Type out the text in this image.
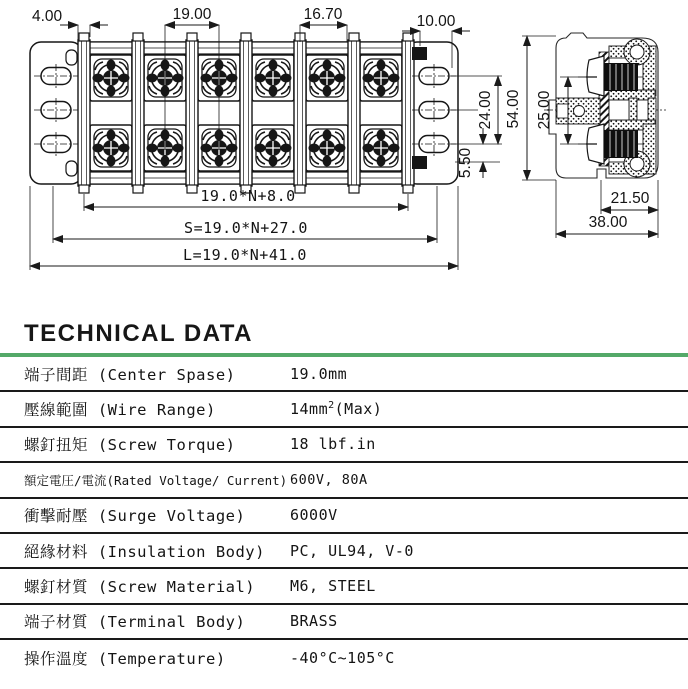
4.00	19.00	16.70	10.00
24.00
5.50
54.00 25.00
21.50
38.00
19.0*N+8.0
S=19.0*N+27.0
L=19.0*N+41.0
TECHNICAL DATA
端子間距 (Center Spase)	19.0mm
壓線範圍 (Wire Range)	$14mm^2(Max)$
螺釘扭矩 (Screw Torque)	18 lbf.in
額定電圧/電流(Rated Voltage/ Current) 600V, 80A
衝擊耐壓 (Surge Voltage)	6000V
絕緣材料 (Insulation Body)	PC, UL94, V-0
螺釘材質 (Screw Material)	M6, STEEL
端子材質 (Terminal Body)	BRASS
操作溫度 (Temperature)	-40°C~105°C
